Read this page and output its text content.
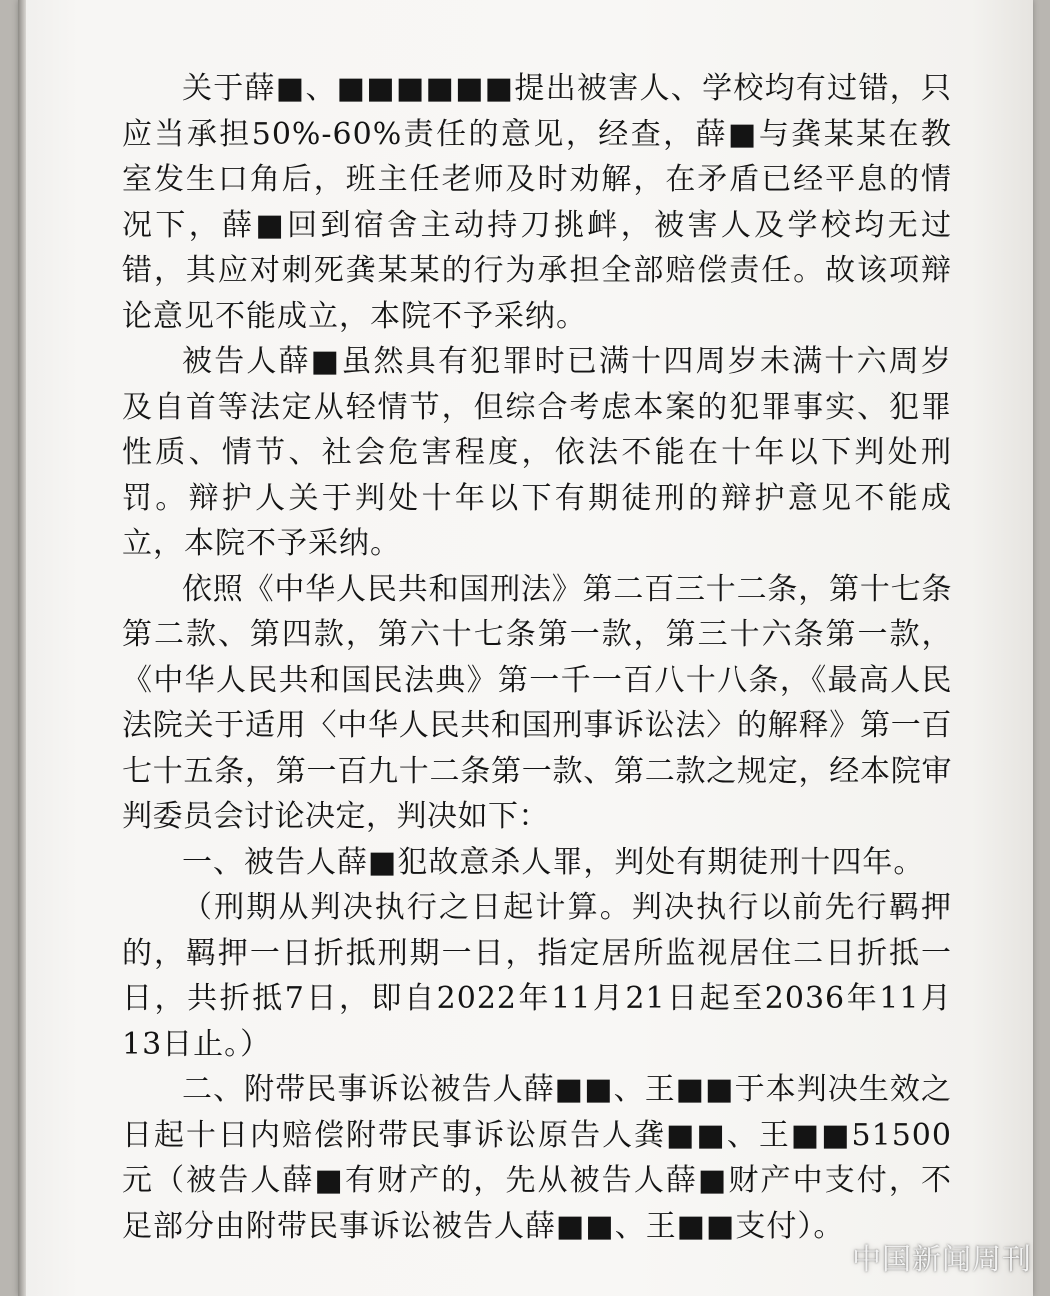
关于薛■、■■■■■■提出被害人、学校均有过错，只应当承担50%-60%责任的意见，经查，薛■与龚某某在教室发生口角后，班主任老师及时劝解，在矛盾已经平息的情况下，薛■回到宿舍主动持刀挑衅，被害人及学校均无过错，其应对刺死龚某某的行为承担全部赔偿责任。故该项辩论意见不能成立，本院不予采纳。

被告人薛■虽然具有犯罪时已满十四周岁未满十六周岁及自首等法定从轻情节，但综合考虑本案的犯罪事实、犯罪性质、情节、社会危害程度，依法不能在十年以下判处刑罚。辩护人关于判处十年以下有期徒刑的辩护意见不能成立，本院不予采纳。

依照《中华人民共和国刑法》第二百三十二条，第十七条第二款、第四款，第六十七条第一款，第三十六条第一款，《中华人民共和国民法典》第一千一百八十八条，《最高人民法院关于适用〈中华人民共和国刑事诉讼法〉的解释》第一百七十五条，第一百九十二条第一款、第二款之规定，经本院审判委员会讨论决定，判决如下：

一、被告人薛■犯故意杀人罪，判处有期徒刑十四年。

（刑期从判决执行之日起计算。判决执行以前先行羁押的，羁押一日折抵刑期一日，指定居所监视居住二日折抵一日，共折抵7日，即自2022年11月21日起至2036年11月13日止。）

二、附带民事诉讼被告人薛■■、王■■于本判决生效之日起十日内赔偿附带民事诉讼原告人龚■■、王■■51500元（被告人薛■有财产的，先从被告人薛■财产中支付，不足部分由附带民事诉讼被告人薛■■、王■■支付）。

中国新闻周刊
